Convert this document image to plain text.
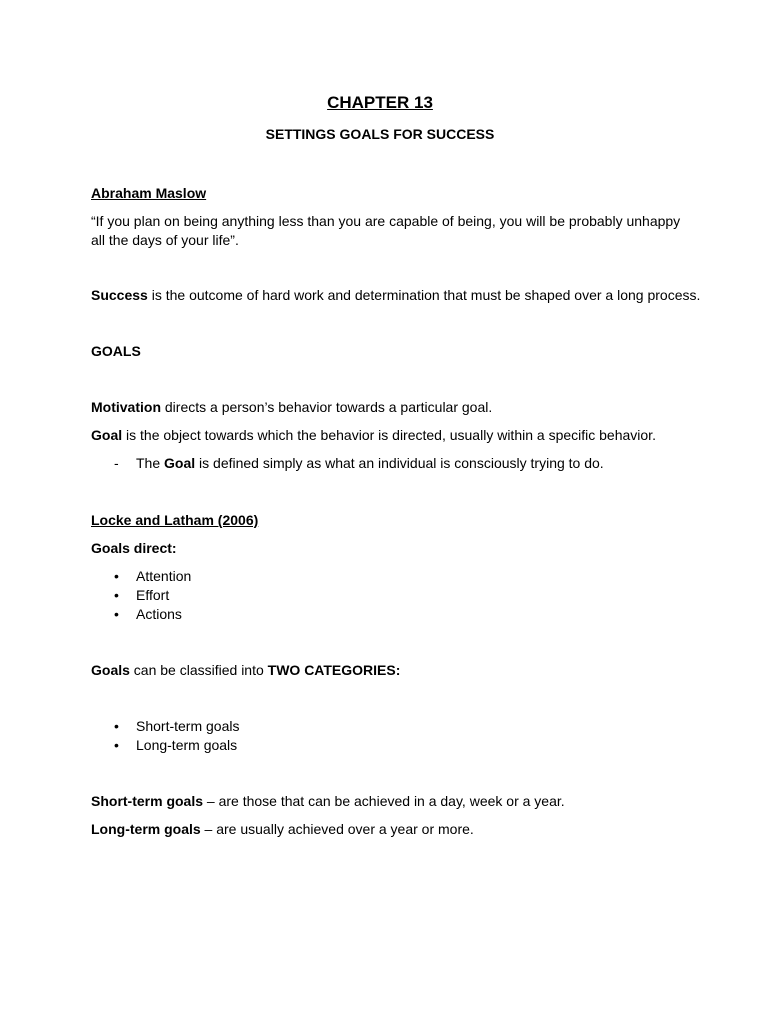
CHAPTER 13
SETTINGS GOALS FOR SUCCESS

Abraham Maslow

“If you plan on being anything less than you are capable of being, you will be probably unhappy all the days of your life”.

Success is the outcome of hard work and determination that must be shaped over a long process.

GOALS

Motivation directs a person’s behavior towards a particular goal.

Goal is the object towards which the behavior is directed, usually within a specific behavior.

- The Goal is defined simply as what an individual is consciously trying to do.

Locke and Latham (2006)

Goals direct:

• Attention
• Effort
• Actions

Goals can be classified into TWO CATEGORIES:

• Short-term goals
• Long-term goals

Short-term goals – are those that can be achieved in a day, week or a year.

Long-term goals – are usually achieved over a year or more.
